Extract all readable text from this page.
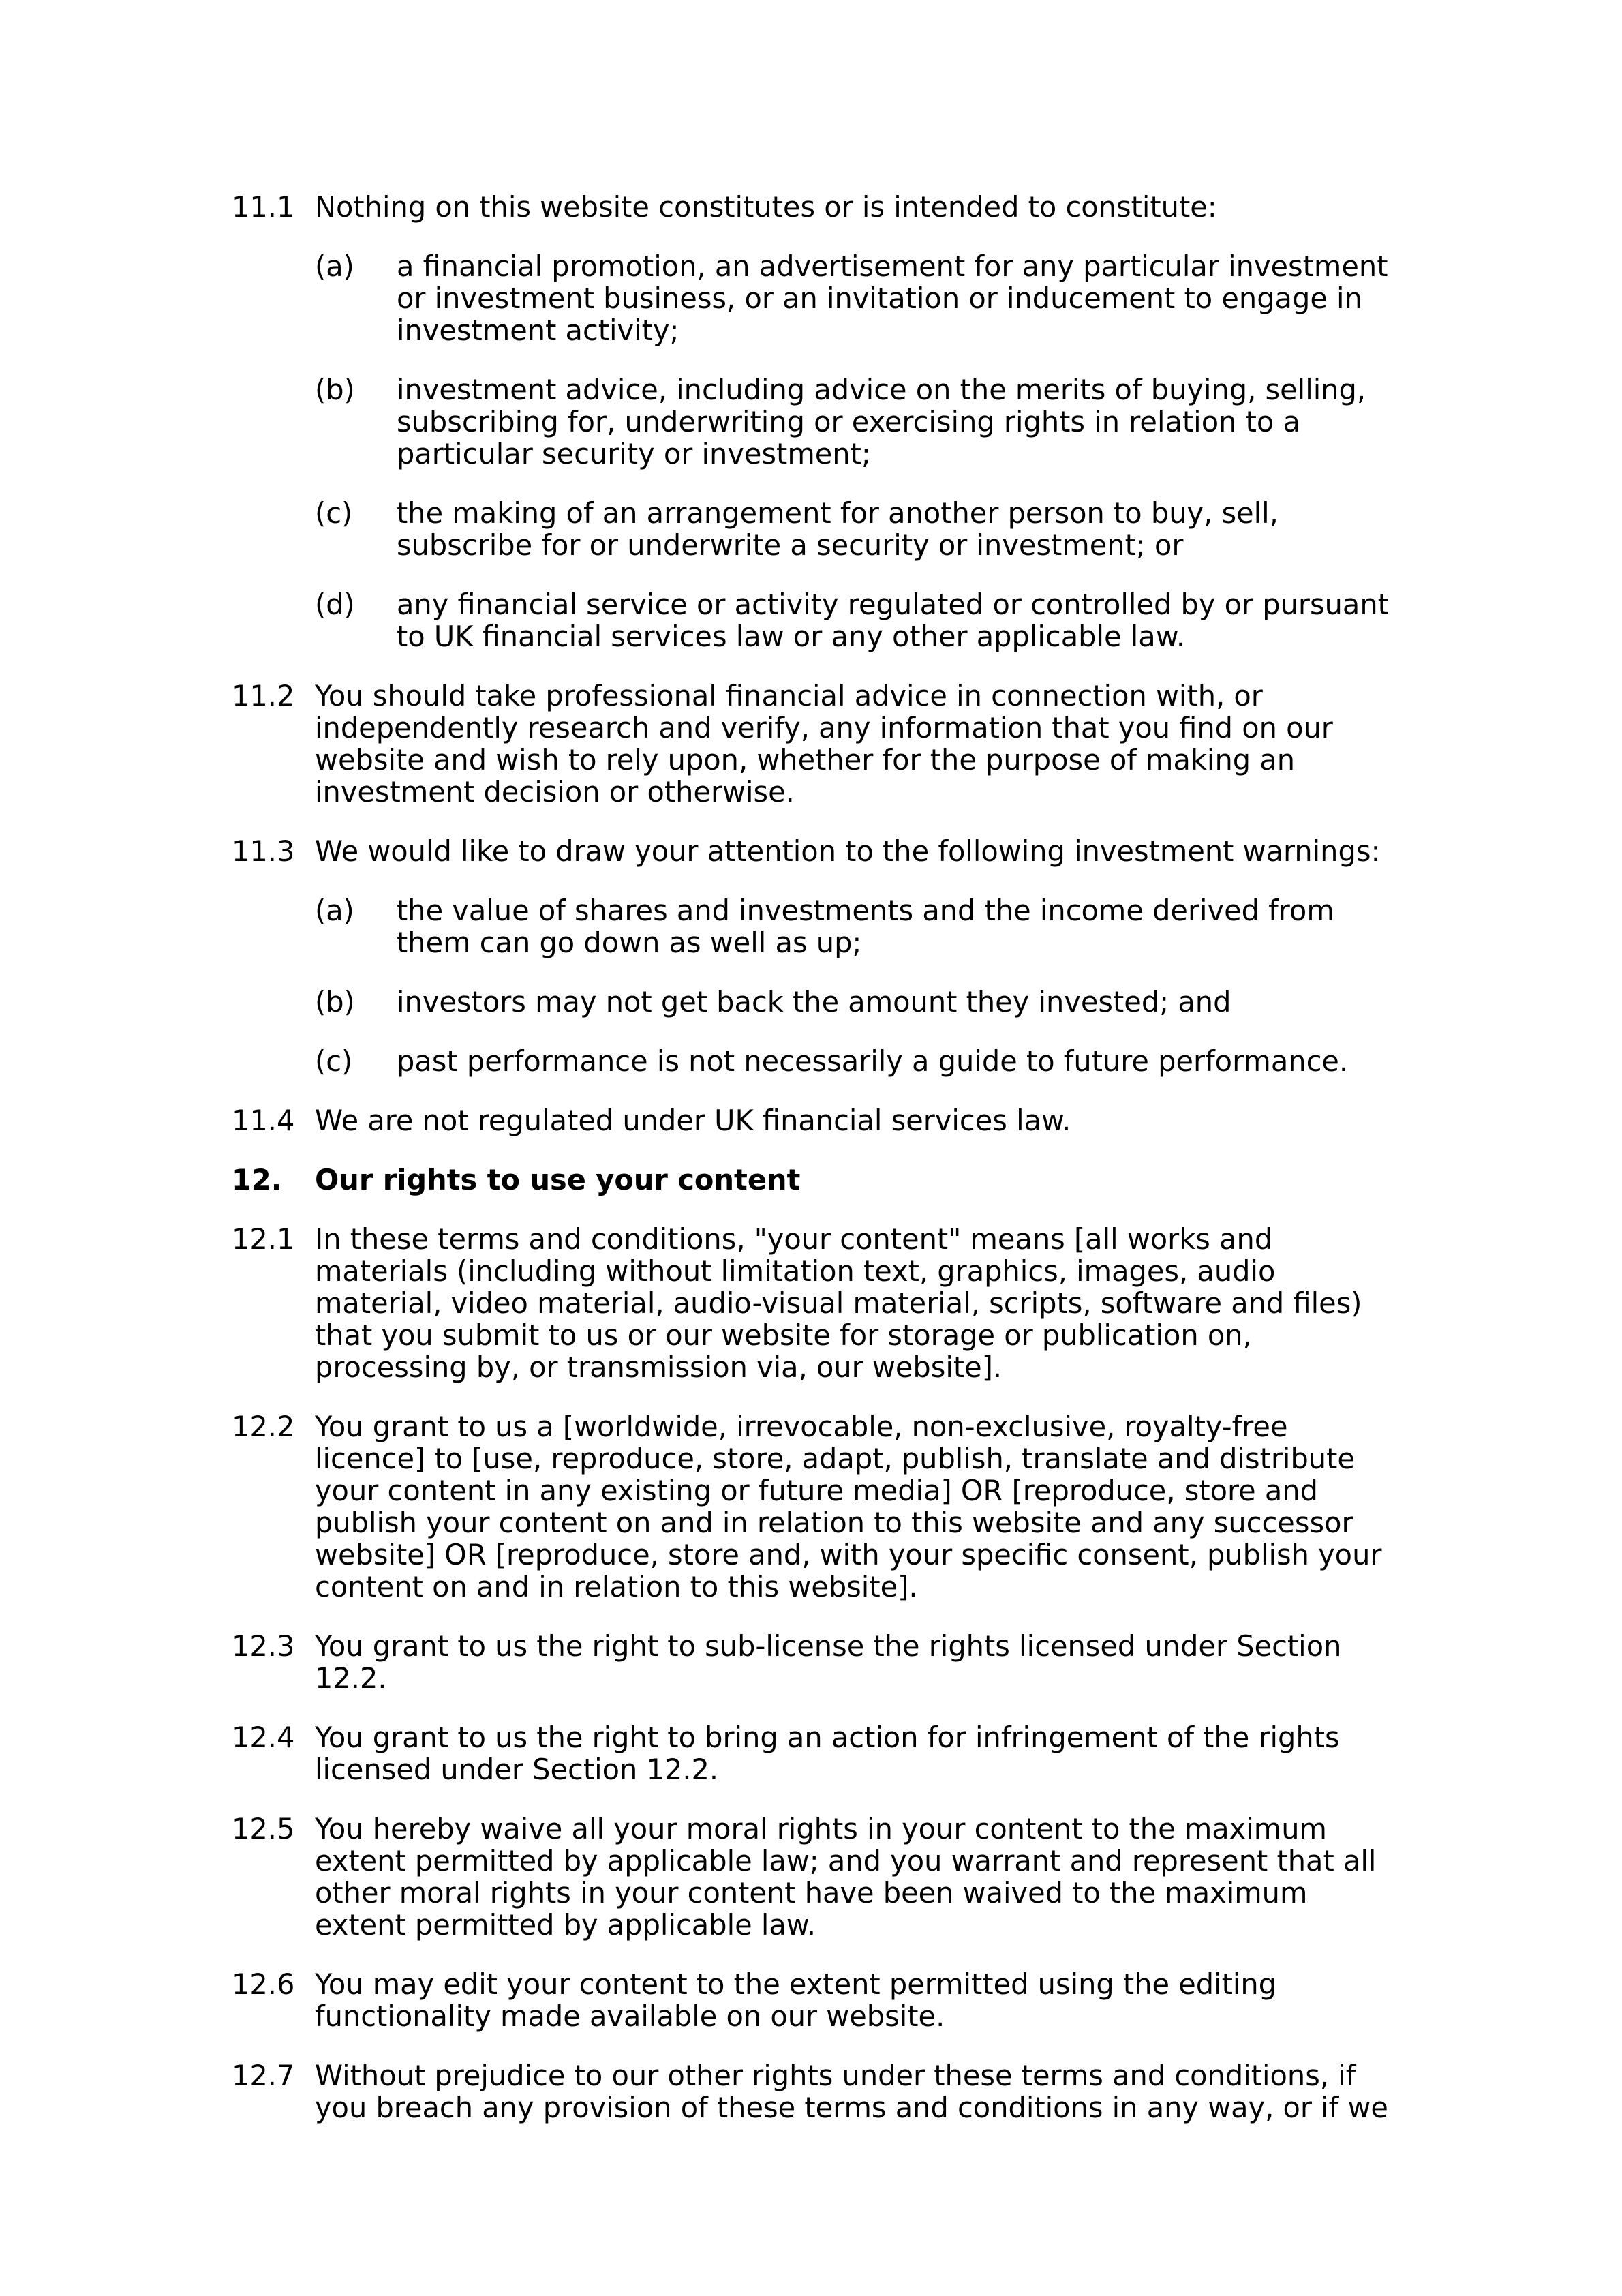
11.1 Nothing on this website constitutes or is intended to constitute:
(a) a financial promotion, an advertisement for any particular investment or investment business, or an invitation or inducement to engage in investment activity;
(b) investment advice, including advice on the merits of buying, selling, subscribing for, underwriting or exercising rights in relation to a particular security or investment;
(c) the making of an arrangement for another person to buy, sell, subscribe for or underwrite a security or investment; or
(d) any financial service or activity regulated or controlled by or pursuant to UK financial services law or any other applicable law.
11.2 You should take professional financial advice in connection with, or independently research and verify, any information that you find on our website and wish to rely upon, whether for the purpose of making an investment decision or otherwise.
11.3 We would like to draw your attention to the following investment warnings:
(a) the value of shares and investments and the income derived from them can go down as well as up;
(b) investors may not get back the amount they invested; and
(c) past performance is not necessarily a guide to future performance.
11.4 We are not regulated under UK financial services law.
12. Our rights to use your content
12.1 In these terms and conditions, "your content" means [all works and materials (including without limitation text, graphics, images, audio material, video material, audio-visual material, scripts, software and files) that you submit to us or our website for storage or publication on, processing by, or transmission via, our website].
12.2 You grant to us a [worldwide, irrevocable, non-exclusive, royalty-free licence] to [use, reproduce, store, adapt, publish, translate and distribute your content in any existing or future media] OR [reproduce, store and publish your content on and in relation to this website and any successor website] OR [reproduce, store and, with your specific consent, publish your content on and in relation to this website].
12.3 You grant to us the right to sub-license the rights licensed under Section 12.2.
12.4 You grant to us the right to bring an action for infringement of the rights licensed under Section 12.2.
12.5 You hereby waive all your moral rights in your content to the maximum extent permitted by applicable law; and you warrant and represent that all other moral rights in your content have been waived to the maximum extent permitted by applicable law.
12.6 You may edit your content to the extent permitted using the editing functionality made available on our website.
12.7 Without prejudice to our other rights under these terms and conditions, if you breach any provision of these terms and conditions in any way, or if we
